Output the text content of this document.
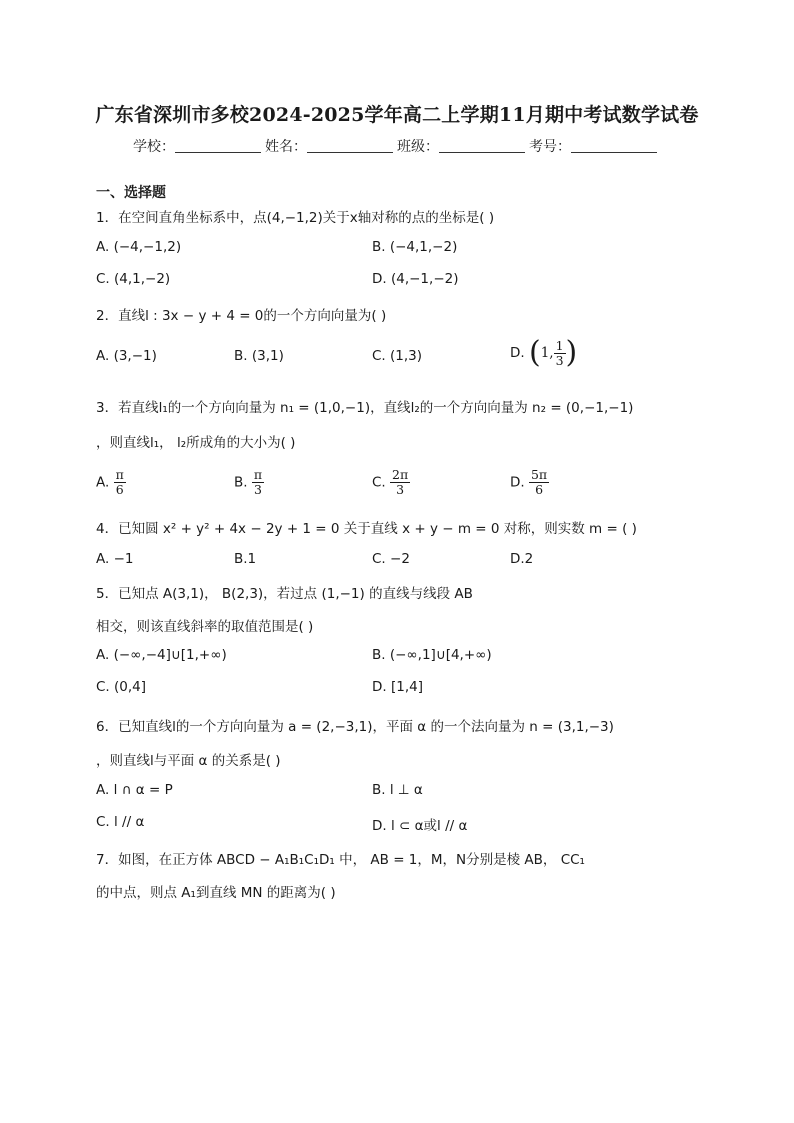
广东省深圳市多校2024-2025学年高二上学期11月期中考试数学试卷
学校：	姓名：	班级：	考号：
一、选择题
1．在空间直角坐标系中，点(4,−1,2)关于x轴对称的点的坐标是( )
A. (−4,−1,2)	B. (−4,1,−2)
C. (4,1,−2)	D. (4,−1,−2)
2．直线l : 3x − y + 4 = 0的一个方向向量为( )
A. (3,−1)	B. (3,1)	C. (1,3)	D. (1, $\frac{1}{3}$ )
3．若直线l₁的一个方向向量为 n₁ = (1,0,−1)，直线l₂的一个方向向量为 n₂ = (0,−1,−1)
，则直线l₁， l₂所成角的大小为( )
A. $\frac{\pi}{6}$	B. $\frac{\pi}{3}$	C. $\frac{2\pi}{3}$	D. $\frac{5\pi}{6}$
4．已知圆 x² + y² + 4x − 2y + 1 = 0 关于直线 x + y − m = 0 对称，则实数 m = ( )
A. −1	B.1	C. −2	D.2
5．已知点 A(3,1)， B(2,3)，若过点 (1,−1) 的直线与线段 AB
相交，则该直线斜率的取值范围是( )
A. (−∞,−4]∪[1,+∞)	B. (−∞,1]∪[4,+∞)
C. (0,4]	D. [1,4]
6．已知直线l的一个方向向量为 a = (2,−3,1)，平面 α 的一个法向量为 n = (3,1,−3)
，则直线l与平面 α 的关系是( )
A. l ∩ α = P	B. l ⊥ α
C. l // α	D. l ⊂ α或l // α
7．如图，在正方体 ABCD − A₁B₁C₁D₁ 中， AB = 1，M，N分别是棱 AB， CC₁
的中点，则点 A₁到直线 MN 的距离为( )
